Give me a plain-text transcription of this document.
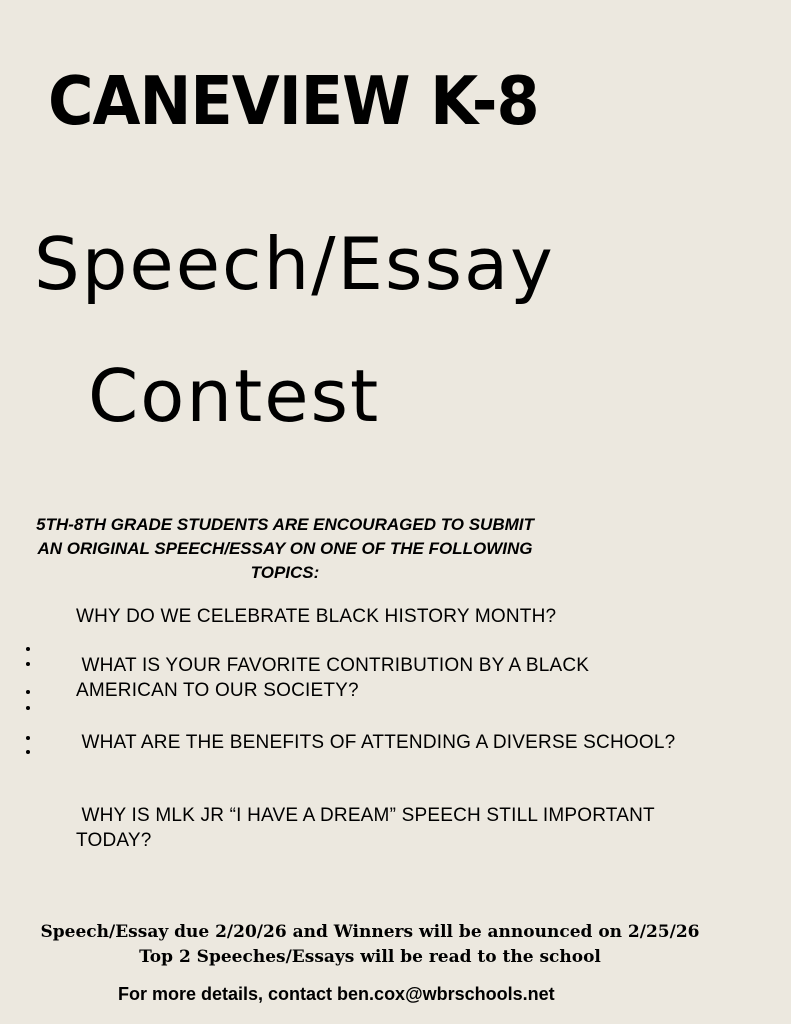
CANEVIEW K-8
Speech/Essay
Contest
5TH-8TH GRADE STUDENTS ARE ENCOURAGED TO SUBMIT AN ORIGINAL SPEECH/ESSAY ON ONE OF THE FOLLOWING TOPICS:
WHY DO WE CELEBRATE BLACK HISTORY MONTH?
WHAT IS YOUR FAVORITE CONTRIBUTION BY A BLACK AMERICAN TO OUR SOCIETY?
WHAT ARE THE BENEFITS OF ATTENDING A DIVERSE SCHOOL?
WHY IS MLK JR “I HAVE A DREAM” SPEECH STILL IMPORTANT TODAY?
Speech/Essay due 2/20/26 and Winners will be announced on 2/25/26 Top 2 Speeches/Essays will be read to the school
For more details, contact ben.cox@wbrschools.net
